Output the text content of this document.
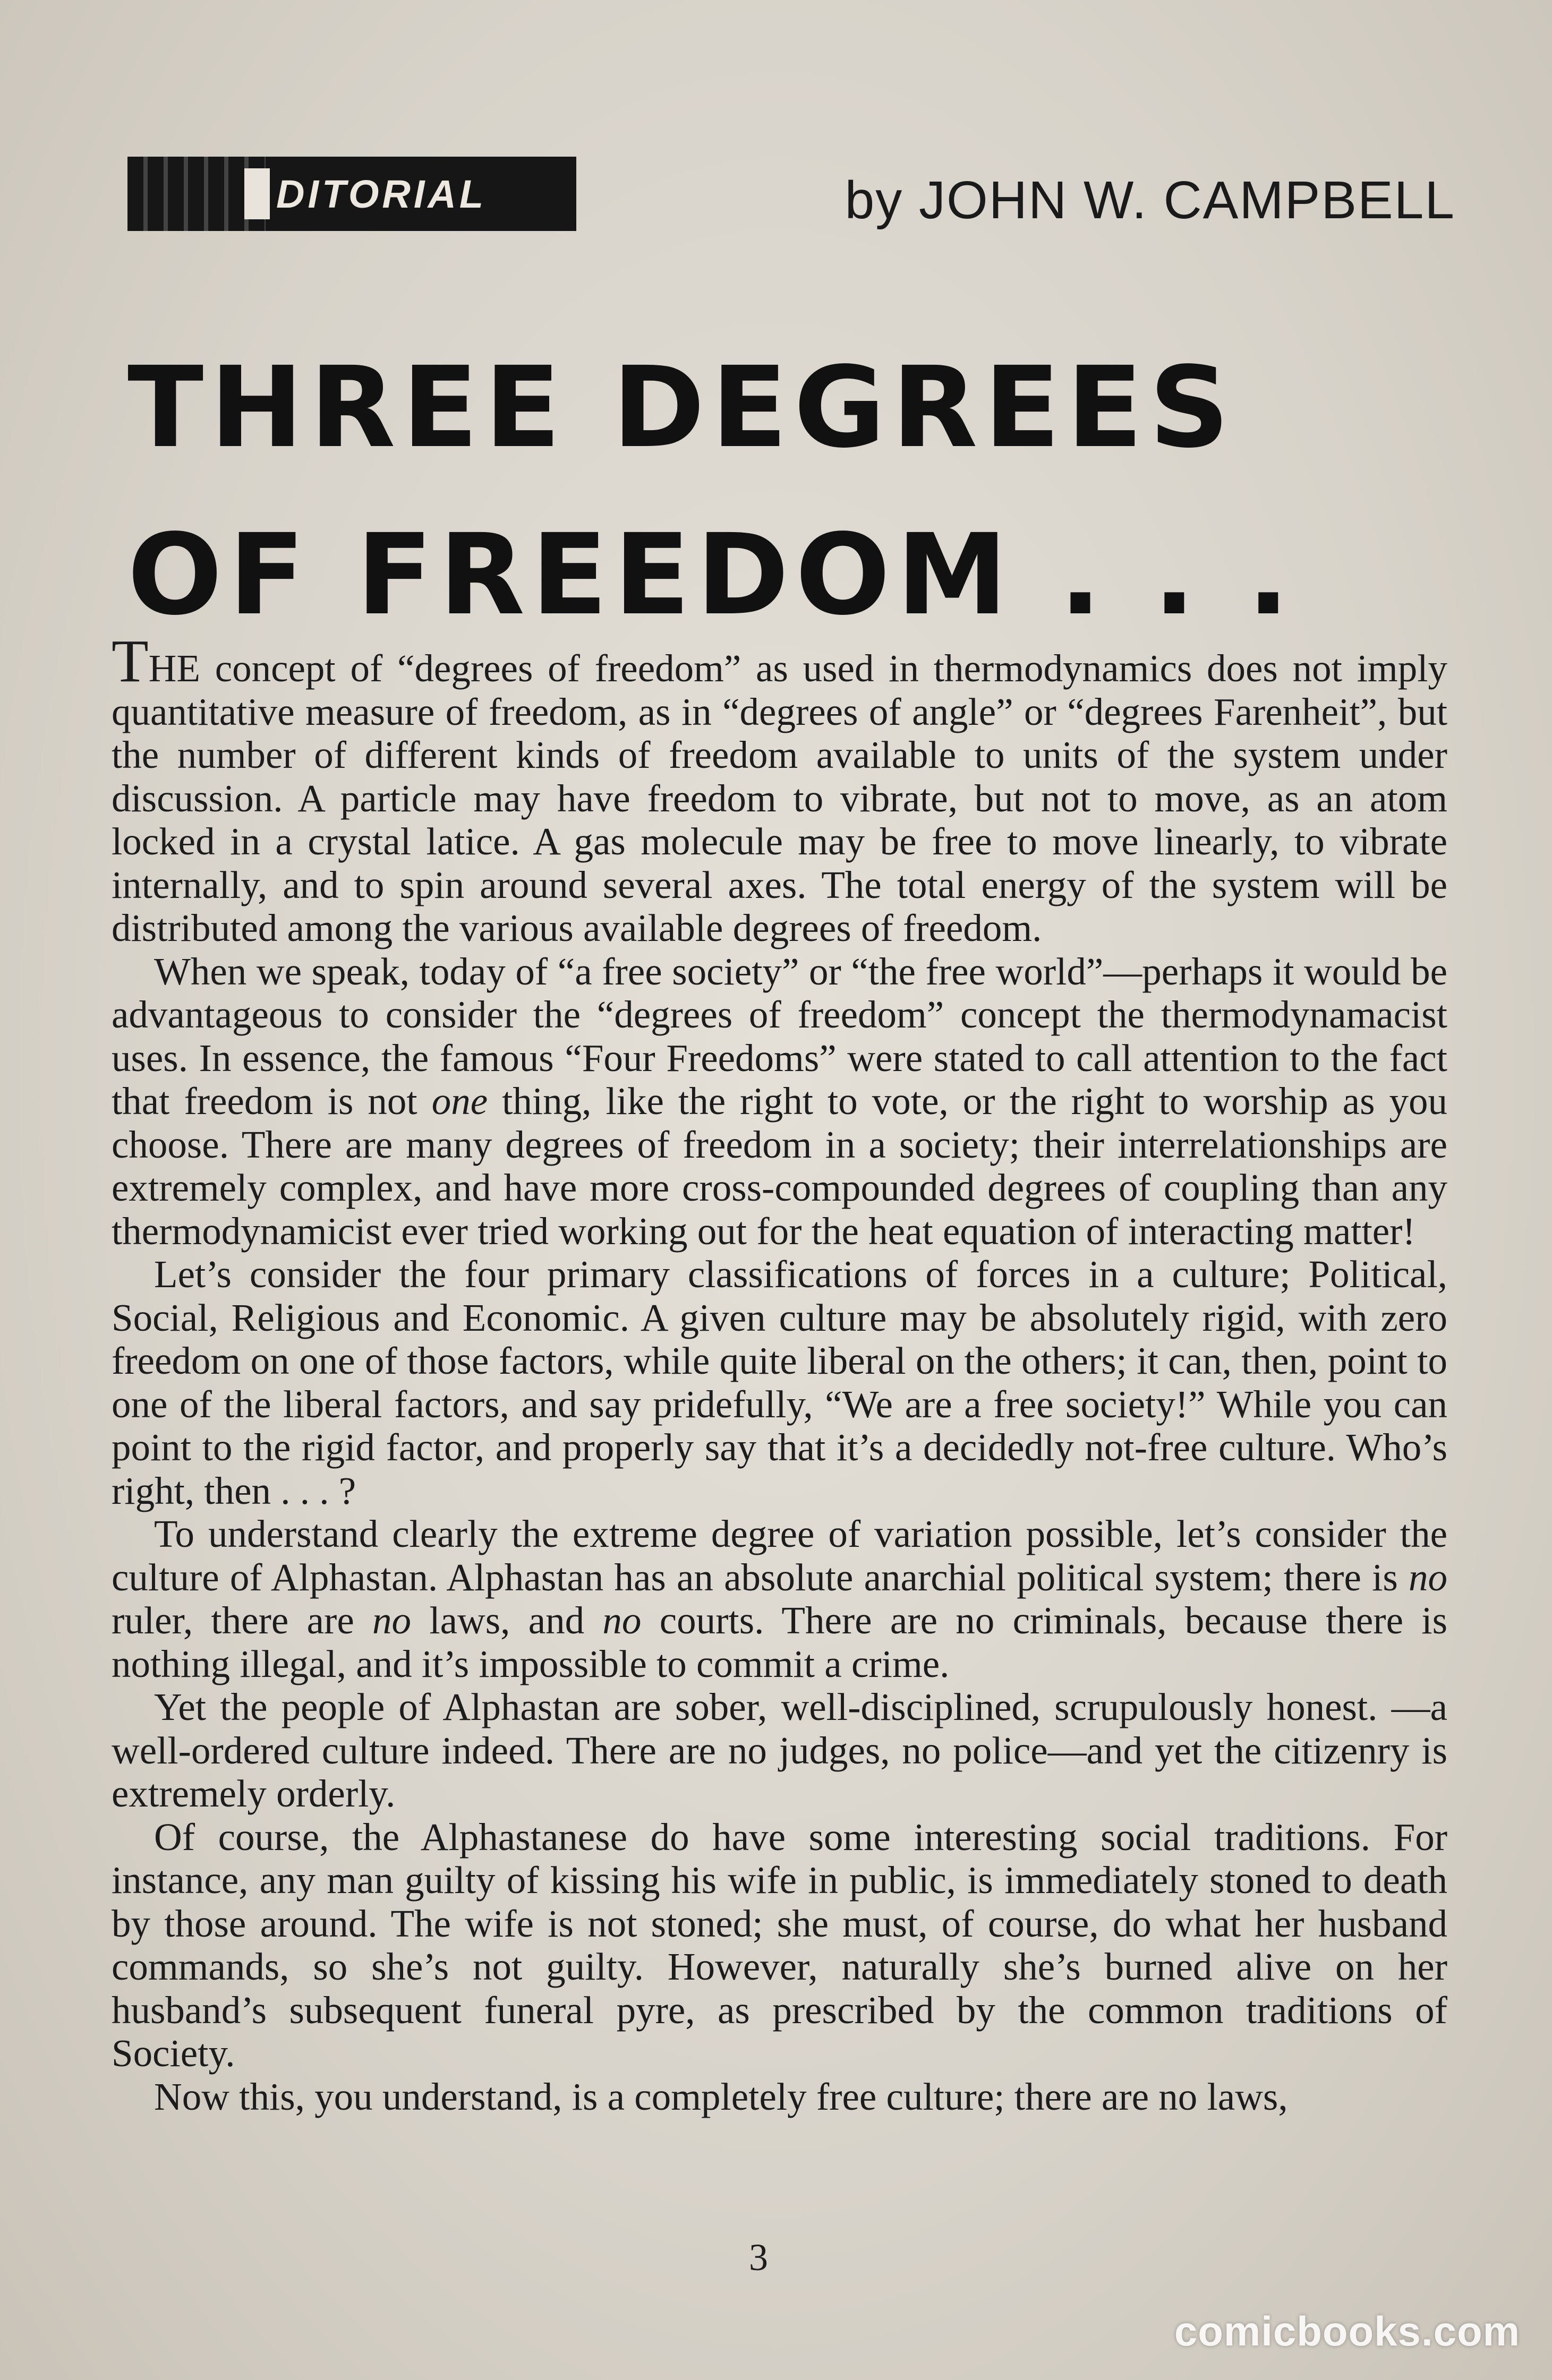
DITORIAL	by JOHN W. CAMPBELL
THREE DEGREES
OF FREEDOM . . .

THE concept of “degrees of freedom” as used in thermodynamics does not imply quantitative measure of freedom, as in “degrees of angle” or “degrees Farenheit”, but the number of different kinds of freedom available to units of the system under discussion. A particle may have freedom to vibrate, but not to move, as an atom locked in a crystal latice. A gas molecule may be free to move linearly, to vibrate internally, and to spin around several axes. The total energy of the system will be distributed among the various available degrees of freedom.

When we speak, today of “a free society” or “the free world”—perhaps it would be advantageous to consider the “degrees of freedom” concept the thermodynamacist uses. In essence, the famous “Four Freedoms” were stated to call attention to the fact that freedom is not one thing, like the right to vote, or the right to worship as you choose. There are many degrees of freedom in a society; their interrelationships are extremely complex, and have more cross-compounded degrees of coupling than any thermodynamicist ever tried working out for the heat equation of interacting matter!

Let’s consider the four primary classifications of forces in a culture; Political, Social, Religious and Economic. A given culture may be absolutely rigid, with zero freedom on one of those factors, while quite liberal on the others; it can, then, point to one of the liberal factors, and say pridefully, “We are a free society!” While you can point to the rigid factor, and properly say that it’s a decidedly not-free culture. Who’s right, then . . . ?

To understand clearly the extreme degree of variation possible, let’s consider the culture of Alphastan. Alphastan has an absolute anarchial political system; there is no ruler, there are no laws, and no courts. There are no criminals, because there is nothing illegal, and it’s impossible to commit a crime.

Yet the people of Alphastan are sober, well-disciplined, scrupulously honest. —a well-ordered culture indeed. There are no judges, no police—and yet the citizenry is extremely orderly.

Of course, the Alphastanese do have some interesting social traditions. For instance, any man guilty of kissing his wife in public, is immediately stoned to death by those around. The wife is not stoned; she must, of course, do what her husband commands, so she’s not guilty. However, naturally she’s burned alive on her husband’s subsequent funeral pyre, as prescribed by the common traditions of Society.

Now this, you understand, is a completely free culture; there are no laws,

3
comicbooks.com
